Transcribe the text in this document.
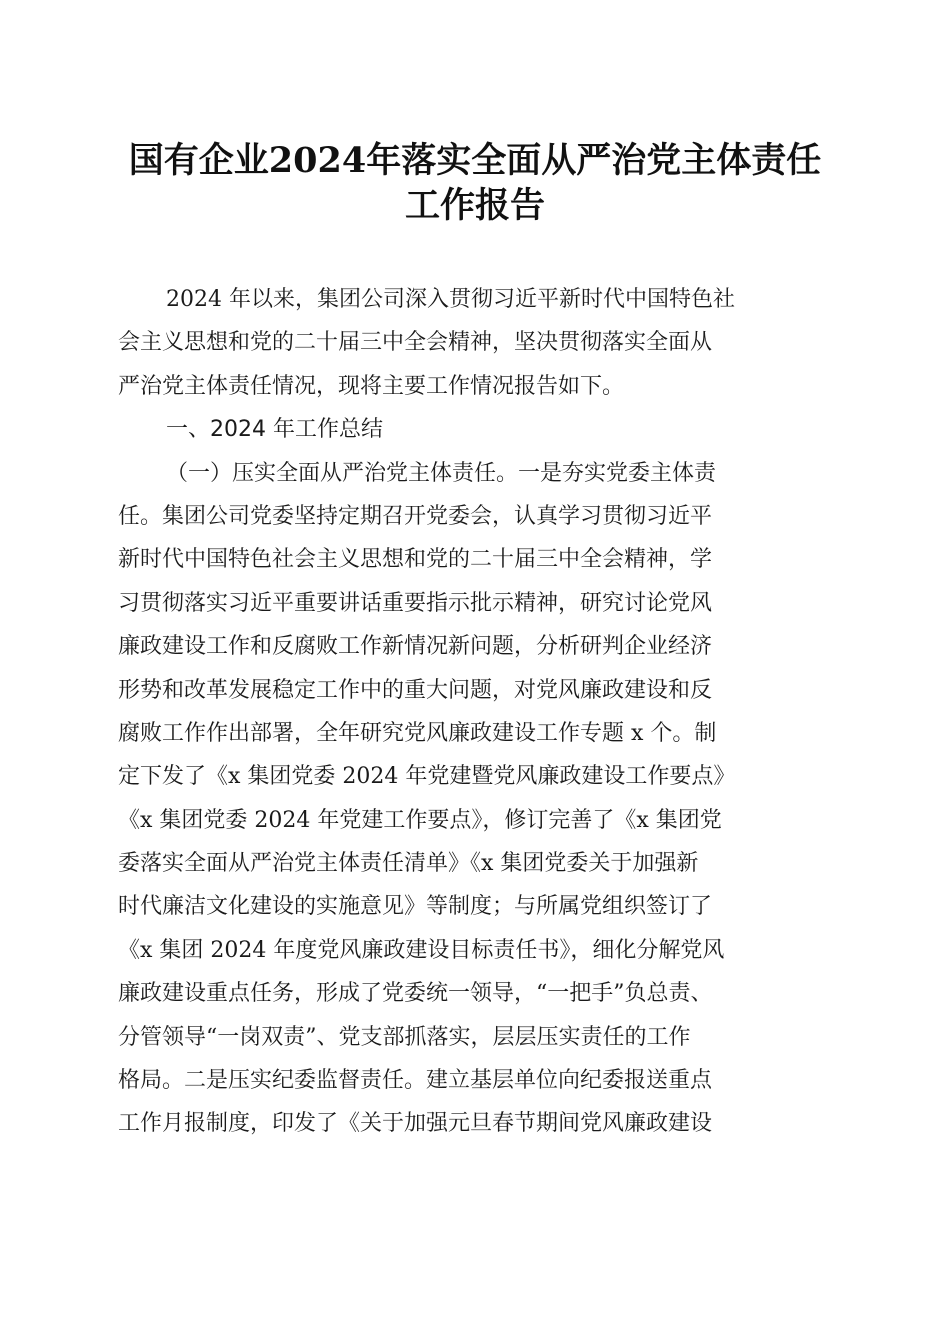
国有企业2024年落实全面从严治党主体责任
工作报告
2024 年以来，集团公司深入贯彻习近平新时代中国特色社
会主义思想和党的二十届三中全会精神，坚决贯彻落实全面从
严治党主体责任情况，现将主要工作情况报告如下。
一、2024 年工作总结
（一）压实全面从严治党主体责任。一是夯实党委主体责
任。集团公司党委坚持定期召开党委会，认真学习贯彻习近平
新时代中国特色社会主义思想和党的二十届三中全会精神，学
习贯彻落实习近平重要讲话重要指示批示精神，研究讨论党风
廉政建设工作和反腐败工作新情况新问题，分析研判企业经济
形势和改革发展稳定工作中的重大问题，对党风廉政建设和反
腐败工作作出部署，全年研究党风廉政建设工作专题 x 个。制
定下发了《x 集团党委 2024 年党建暨党风廉政建设工作要点》
《x 集团党委 2024 年党建工作要点》，修订完善了《x 集团党
委落实全面从严治党主体责任清单》《x 集团党委关于加强新
时代廉洁文化建设的实施意见》等制度；与所属党组织签订了
《x 集团 2024 年度党风廉政建设目标责任书》，细化分解党风
廉政建设重点任务，形成了党委统一领导，“一把手”负总责、
分管领导“一岗双责”、党支部抓落实，层层压实责任的工作
格局。二是压实纪委监督责任。建立基层单位向纪委报送重点
工作月报制度，印发了《关于加强元旦春节期间党风廉政建设
